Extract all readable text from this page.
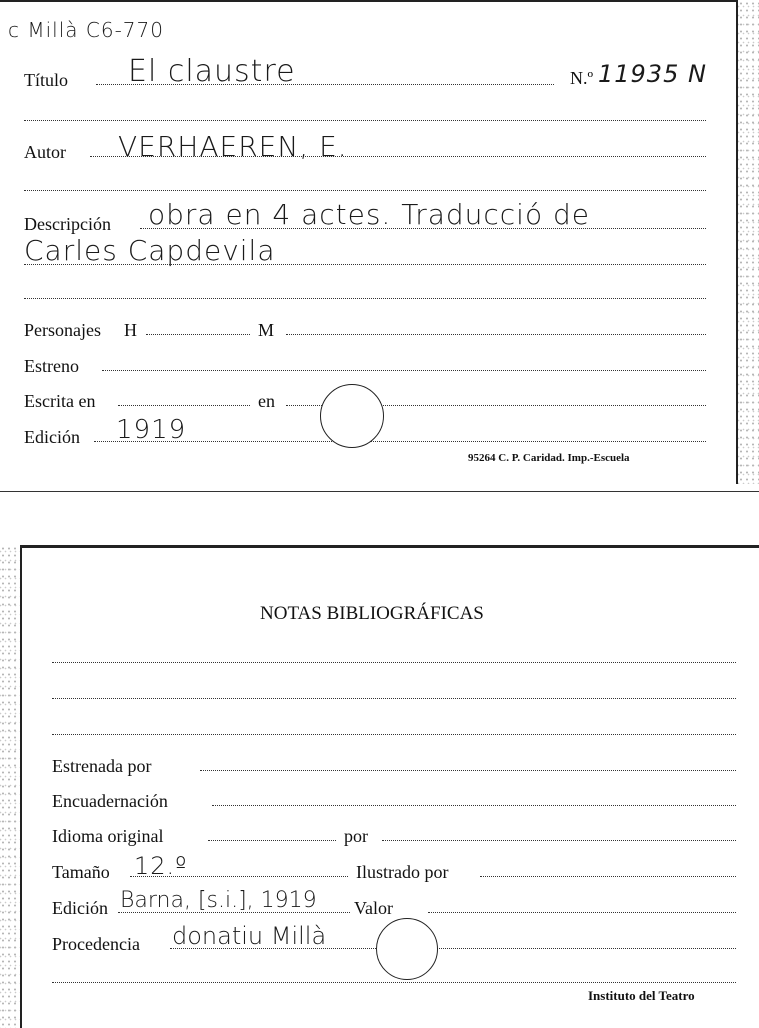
c Millà C6-770
Título El claustre	N.º 11935 N
Autor VERHAEREN, E.
Descripción obra en 4 actes. Traducció de
Carles Capdevila
Personajes H	M
Estreno
Escrita en	en
Edición 1919
95264 C. P. Caridad. Imp.-Escuela
NOTAS BIBLIOGRÁFICAS
Estrenada por
Encuadernación
Idioma original	por
Tamaño 12.º	Ilustrado por
Edición Barna, [s.i.], 1919 Valor
Procedencia donatiu Millà
Instituto del Teatro
